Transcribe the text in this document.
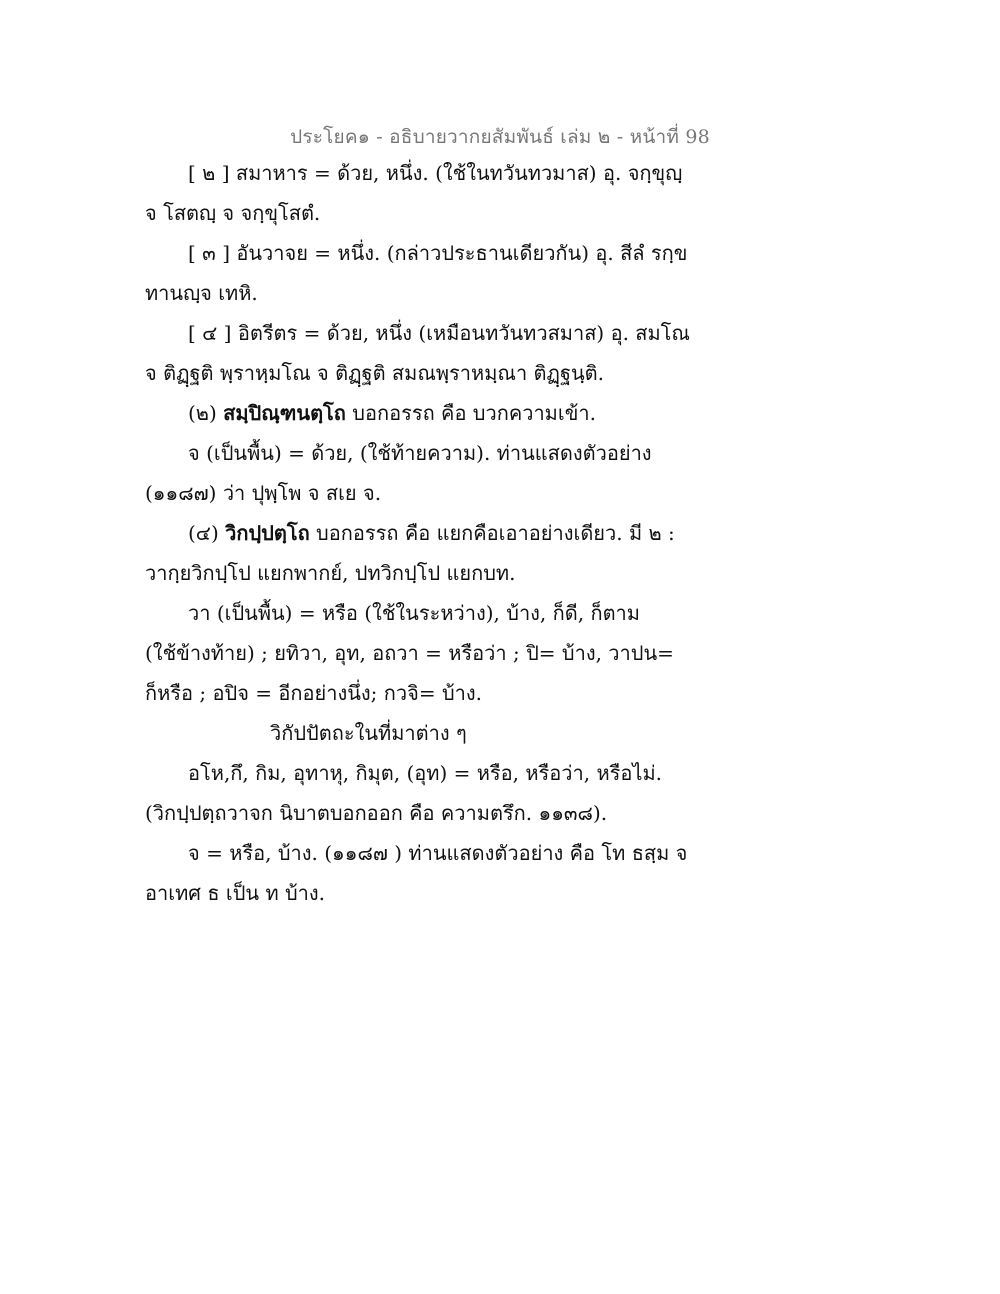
ประโยค๑ - อธิบายวากยสัมพันธ์ เล่ม ๒ - หน้าที่ 98
[ ๒ ] สมาหาร = ด้วย, หนึ่ง. (ใช้ในทวันทวมาส) อุ. จกฺขุญฺ
จ โสตญฺ จ จกฺขุโสตํ.
[ ๓ ] อันวาจย = หนึ่ง. (กล่าวประธานเดียวกัน) อุ. สีลํ รกฺข
ทานญฺจ เทหิ.
[ ๔ ] อิตรีตร = ด้วย, หนึ่ง (เหมือนทวันทวสมาส) อุ. สมโณ
จ ติฏฺฐติ พฺราหฺมโณ จ ติฏฺฐติ สมณพฺราหมฺณา ติฏฺฐนฺติ.
(๒) สมฺปิณฺฑนตฺโถ บอกอรรถ คือ บวกความเข้า.
จ (เป็นพื้น) = ด้วย, (ใช้ท้ายความ). ท่านแสดงตัวอย่าง
(๑๑๘๗) ว่า ปุพฺโพ จ สเย จ.
(๔) วิกปฺปตฺโถ บอกอรรถ คือ แยกคือเอาอย่างเดียว. มี ๒ :
วากฺยวิกปฺโป แยกพากย์, ปทวิกปฺโป แยกบท.
วา (เป็นพื้น) = หรือ (ใช้ในระหว่าง), บ้าง, ก็ดี, ก็ตาม
(ใช้ข้างท้าย) ; ยทิวา, อุท, อถวา = หรือว่า ; ปิ= บ้าง, วาปน=
ก็หรือ ; อปิจ = อีกอย่างนึ่ง; กวจิ= บ้าง.
วิกัปปัตถะในที่มาต่าง ๆ
อโห,กึ, กิม, อุทาหุ, กิมุต, (อุท) = หรือ, หรือว่า, หรือไม่.
(วิกปฺปตฺถวาจก นิบาตบอกออก คือ ความตรึก. ๑๑๓๘).
จ = หรือ, บ้าง. (๑๑๘๗ ) ท่านแสดงตัวอย่าง คือ โท ธสฺม จ
อาเทศ ธ เป็น ท บ้าง.
